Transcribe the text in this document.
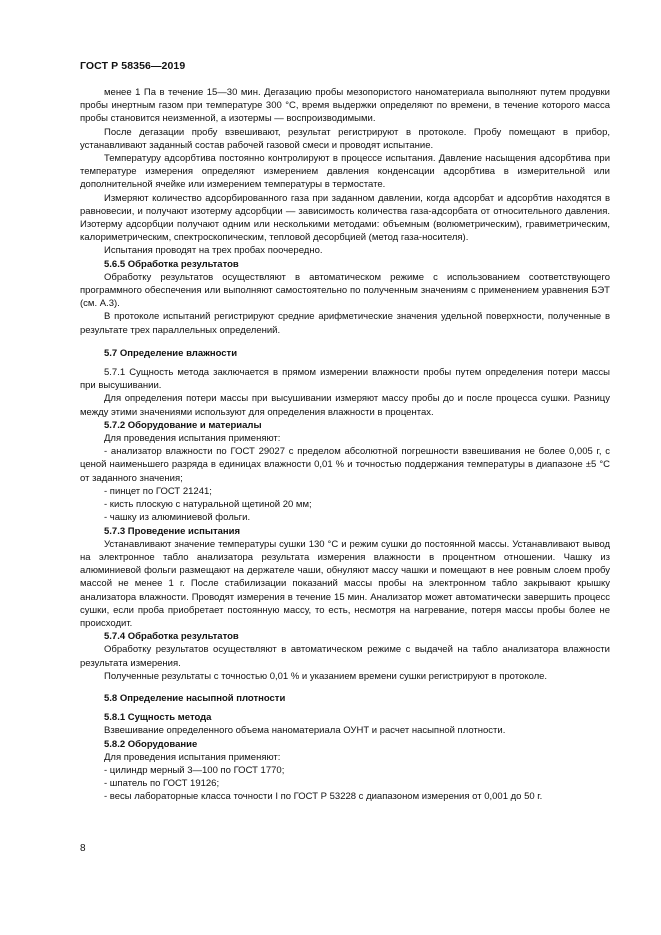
ГОСТ Р 58356—2019

менее 1 Па в течение 15—30 мин. Дегазацию пробы мезопористого наноматериала выполняют путем продувки пробы инертным газом при температуре 300 °C, время выдержки определяют по времени, в течение которого масса пробы становится неизменной, а изотермы — воспроизводимыми.

После дегазации пробу взвешивают, результат регистрируют в протоколе. Пробу помещают в прибор, устанавливают заданный состав рабочей газовой смеси и проводят испытание.

Температуру адсорбтива постоянно контролируют в процессе испытания. Давление насыщения адсорбтива при температуре измерения определяют измерением давления конденсации адсорбтива в измерительной или дополнительной ячейке или измерением температуры в термостате.

Измеряют количество адсорбированного газа при заданном давлении, когда адсорбат и адсорбтив находятся в равновесии, и получают изотерму адсорбции — зависимость количества газа-адсорбата от относительного давления. Изотерму адсорбции получают одним или несколькими методами: объемным (волюметрическим), гравиметрическим, калориметрическим, спектроскопическим, тепловой десорбцией (метод газа-носителя).

Испытания проводят на трех пробах поочередно.

5.6.5 Обработка результатов

Обработку результатов осуществляют в автоматическом режиме с использованием соответствующего программного обеспечения или выполняют самостоятельно по полученным значениям с применением уравнения БЭТ (см. А.3).

В протоколе испытаний регистрируют средние арифметические значения удельной поверхности, полученные в результате трех параллельных определений.

5.7 Определение влажности

5.7.1 Сущность метода заключается в прямом измерении влажности пробы путем определения потери массы при высушивании.

Для определения потери массы при высушивании измеряют массу пробы до и после процесса сушки. Разницу между этими значениями используют для определения влажности в процентах.

5.7.2 Оборудование и материалы

Для проведения испытания применяют:

- анализатор влажности по ГОСТ 29027 с пределом абсолютной погрешности взвешивания не более 0,005 г, с ценой наименьшего разряда в единицах влажности 0,01 % и точностью поддержания температуры в диапазоне ±5 °C от заданного значения;

- пинцет по ГОСТ 21241;

- кисть плоскую с натуральной щетиной 20 мм;

- чашку из алюминиевой фольги.

5.7.3 Проведение испытания

Устанавливают значение температуры сушки 130 °C и режим сушки до постоянной массы. Устанавливают вывод на электронное табло анализатора результата измерения влажности в процентном отношении. Чашку из алюминиевой фольги размещают на держателе чаши, обнуляют массу чашки и помещают в нее ровным слоем пробу массой не менее 1 г. После стабилизации показаний массы пробы на электронном табло закрывают крышку анализатора влажности. Проводят измерения в течение 15 мин. Анализатор может автоматически завершить процесс сушки, если проба приобретает постоянную массу, то есть, несмотря на нагревание, потеря массы пробы более не происходит.

5.7.4 Обработка результатов

Обработку результатов осуществляют в автоматическом режиме с выдачей на табло анализатора влажности результата измерения.

Полученные результаты с точностью 0,01 % и указанием времени сушки регистрируют в протоколе.

5.8 Определение насыпной плотности

5.8.1 Сущность метода

Взвешивание определенного объема наноматериала ОУНТ и расчет насыпной плотности.

5.8.2 Оборудование

Для проведения испытания применяют:

- цилиндр мерный 3—100 по ГОСТ 1770;

- шпатель по ГОСТ 19126;

- весы лабораторные класса точности I по ГОСТ Р 53228 с диапазоном измерения от 0,001 до 50 г.

8
